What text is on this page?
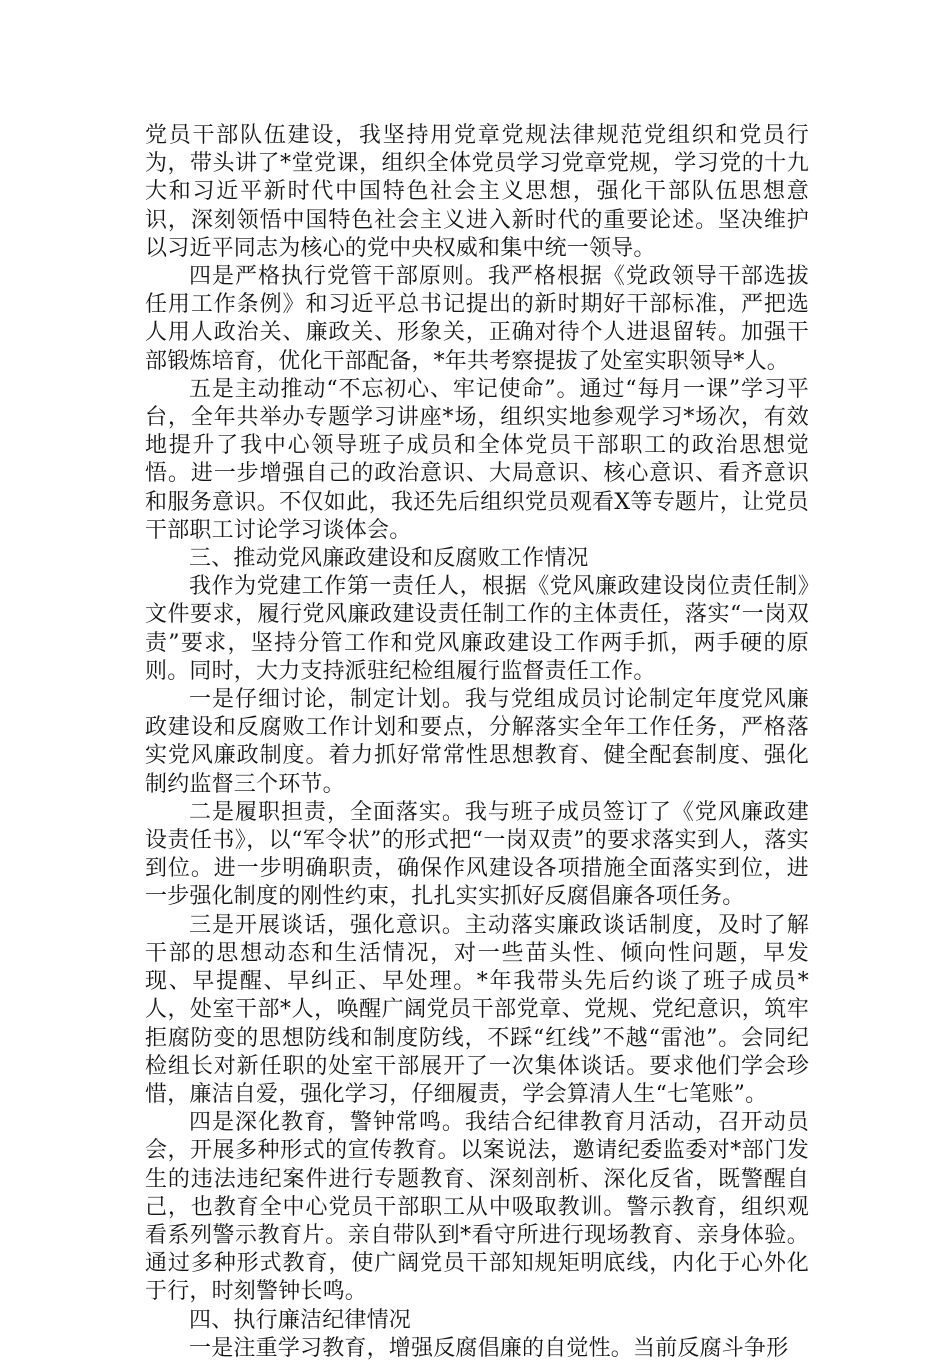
党员干部队伍建设，我坚持用党章党规法律规范党组织和党员行为，带头讲了*堂党课，组织全体党员学习党章党规，学习党的十九大和习近平新时代中国特色社会主义思想，强化干部队伍思想意识，深刻领悟中国特色社会主义进入新时代的重要论述。坚决维护以习近平同志为核心的党中央权威和集中统一领导。

四是严格执行党管干部原则。我严格根据《党政领导干部选拔任用工作条例》和习近平总书记提出的新时期好干部标准，严把选人用人政治关、廉政关、形象关，正确对待个人进退留转。加强干部锻炼培育，优化干部配备，*年共考察提拔了处室实职领导*人。

五是主动推动“不忘初心、牢记使命”。通过“每月一课”学习平台，全年共举办专题学习讲座*场，组织实地参观学习*场次，有效地提升了我中心领导班子成员和全体党员干部职工的政治思想觉悟。进一步增强自己的政治意识、大局意识、核心意识、看齐意识和服务意识。不仅如此，我还先后组织党员观看X等专题片，让党员干部职工讨论学习谈体会。

三、推动党风廉政建设和反腐败工作情况

我作为党建工作第一责任人，根据《党风廉政建设岗位责任制》文件要求，履行党风廉政建设责任制工作的主体责任，落实“一岗双责”要求，坚持分管工作和党风廉政建设工作两手抓，两手硬的原则。同时，大力支持派驻纪检组履行监督责任工作。

一是仔细讨论，制定计划。我与党组成员讨论制定年度党风廉政建设和反腐败工作计划和要点，分解落实全年工作任务，严格落实党风廉政制度。着力抓好常常性思想教育、健全配套制度、强化制约监督三个环节。

二是履职担责，全面落实。我与班子成员签订了《党风廉政建设责任书》，以“军令状”的形式把“一岗双责”的要求落实到人，落实到位。进一步明确职责，确保作风建设各项措施全面落实到位，进一步强化制度的刚性约束，扎扎实实抓好反腐倡廉各项任务。

三是开展谈话，强化意识。主动落实廉政谈话制度，及时了解干部的思想动态和生活情况，对一些苗头性、倾向性问题，早发现、早提醒、早纠正、早处理。*年我带头先后约谈了班子成员*人，处室干部*人，唤醒广阔党员干部党章、党规、党纪意识，筑牢拒腐防变的思想防线和制度防线，不踩“红线”不越“雷池”。会同纪检组长对新任职的处室干部展开了一次集体谈话。要求他们学会珍惜，廉洁自爱，强化学习，仔细履责，学会算清人生“七笔账”。

四是深化教育，警钟常鸣。我结合纪律教育月活动，召开动员会，开展多种形式的宣传教育。以案说法，邀请纪委监委对*部门发生的违法违纪案件进行专题教育、深刻剖析、深化反省，既警醒自己，也教育全中心党员干部职工从中吸取教训。警示教育，组织观看系列警示教育片。亲自带队到*看守所进行现场教育、亲身体验。通过多种形式教育，使广阔党员干部知规矩明底线，内化于心外化于行，时刻警钟长鸣。

四、执行廉洁纪律情况

一是注重学习教育，增强反腐倡廉的自觉性。当前反腐斗争形
